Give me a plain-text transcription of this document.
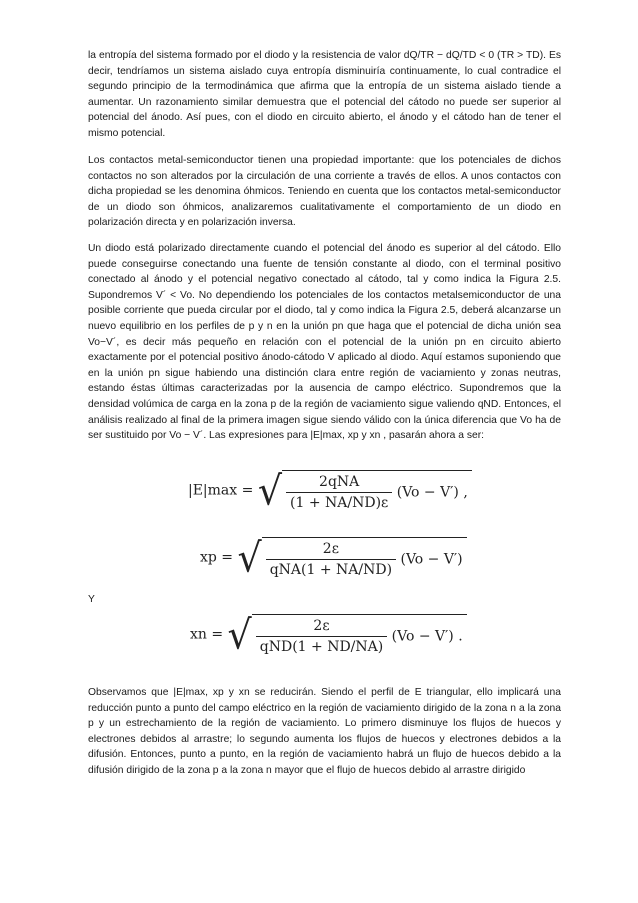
la entropía del sistema formado por el diodo y la resistencia de valor dQ/TR − dQ/TD < 0 (TR > TD). Es decir, tendríamos un sistema aislado cuya entropía disminuiría continuamente, lo cual contradice el segundo principio de la termodinámica que afirma que la entropía de un sistema aislado tiende a aumentar. Un razonamiento similar demuestra que el potencial del cátodo no puede ser superior al potencial del ánodo. Así pues, con el diodo en circuito abierto, el ánodo y el cátodo han de tener el mismo potencial.

Los contactos metal-semiconductor tienen una propiedad importante: que los potenciales de dichos contactos no son alterados por la circulación de una corriente a través de ellos. A unos contactos con dicha propiedad se les denomina óhmicos. Teniendo en cuenta que los contactos metal-semiconductor de un diodo son óhmicos, analizaremos cualitativamente el comportamiento de un diodo en polarización directa y en polarización inversa.

Un diodo está polarizado directamente cuando el potencial del ánodo es superior al del cátodo. Ello puede conseguirse conectando una fuente de tensión constante al diodo, con el terminal positivo conectado al ánodo y el potencial negativo conectado al cátodo, tal y como indica la Figura 2.5. Supondremos V´ < Vo. No dependiendo los potenciales de los contactos metalsemiconductor de una posible corriente que pueda circular por el diodo, tal y como indica la Figura 2.5, deberá alcanzarse un nuevo equilibrio en los perfiles de p y n en la unión pn que haga que el potencial de dicha unión sea Vo−V´, es decir más pequeño en relación con el potencial de la unión pn en circuito abierto exactamente por el potencial positivo ánodo-cátodo V aplicado al diodo. Aquí estamos suponiendo que en la unión pn sigue habiendo una distinción clara entre región de vaciamiento y zonas neutras, estando éstas últimas caracterizadas por la ausencia de campo eléctrico. Supondremos que la densidad volúmica de carga en la zona p de la región de vaciamiento sigue valiendo qND. Entonces, el análisis realizado al final de la primera imagen sigue siendo válido con la única diferencia que Vo ha de ser sustituido por Vo − V´. Las expresiones para |E|max, xp y xn , pasarán ahora a ser:

|E|max = √ $\frac{\text{2qNA}}{(1 + NA/ND)\varepsilon} (Vo - V')$ ,
xp = √ $\frac{2\varepsilon}{\text{qNA(1 + NA/ND)}} (Vo - V')$
Y
xn = √ $\frac{2\varepsilon}{\text{qND(1 + ND/NA)}} (Vo - V')$ .

Observamos que |E|max, xp y xn se reducirán. Siendo el perfil de E triangular, ello implicará una reducción punto a punto del campo eléctrico en la región de vaciamiento dirigido de la zona n a la zona p y un estrechamiento de la región de vaciamiento. Lo primero disminuye los flujos de huecos y electrones debidos al arrastre; lo segundo aumenta los flujos de huecos y electrones debidos a la difusión. Entonces, punto a punto, en la región de vaciamiento habrá un flujo de huecos debido a la difusión dirigido de la zona p a la zona n mayor que el flujo de huecos debido al arrastre dirigido
